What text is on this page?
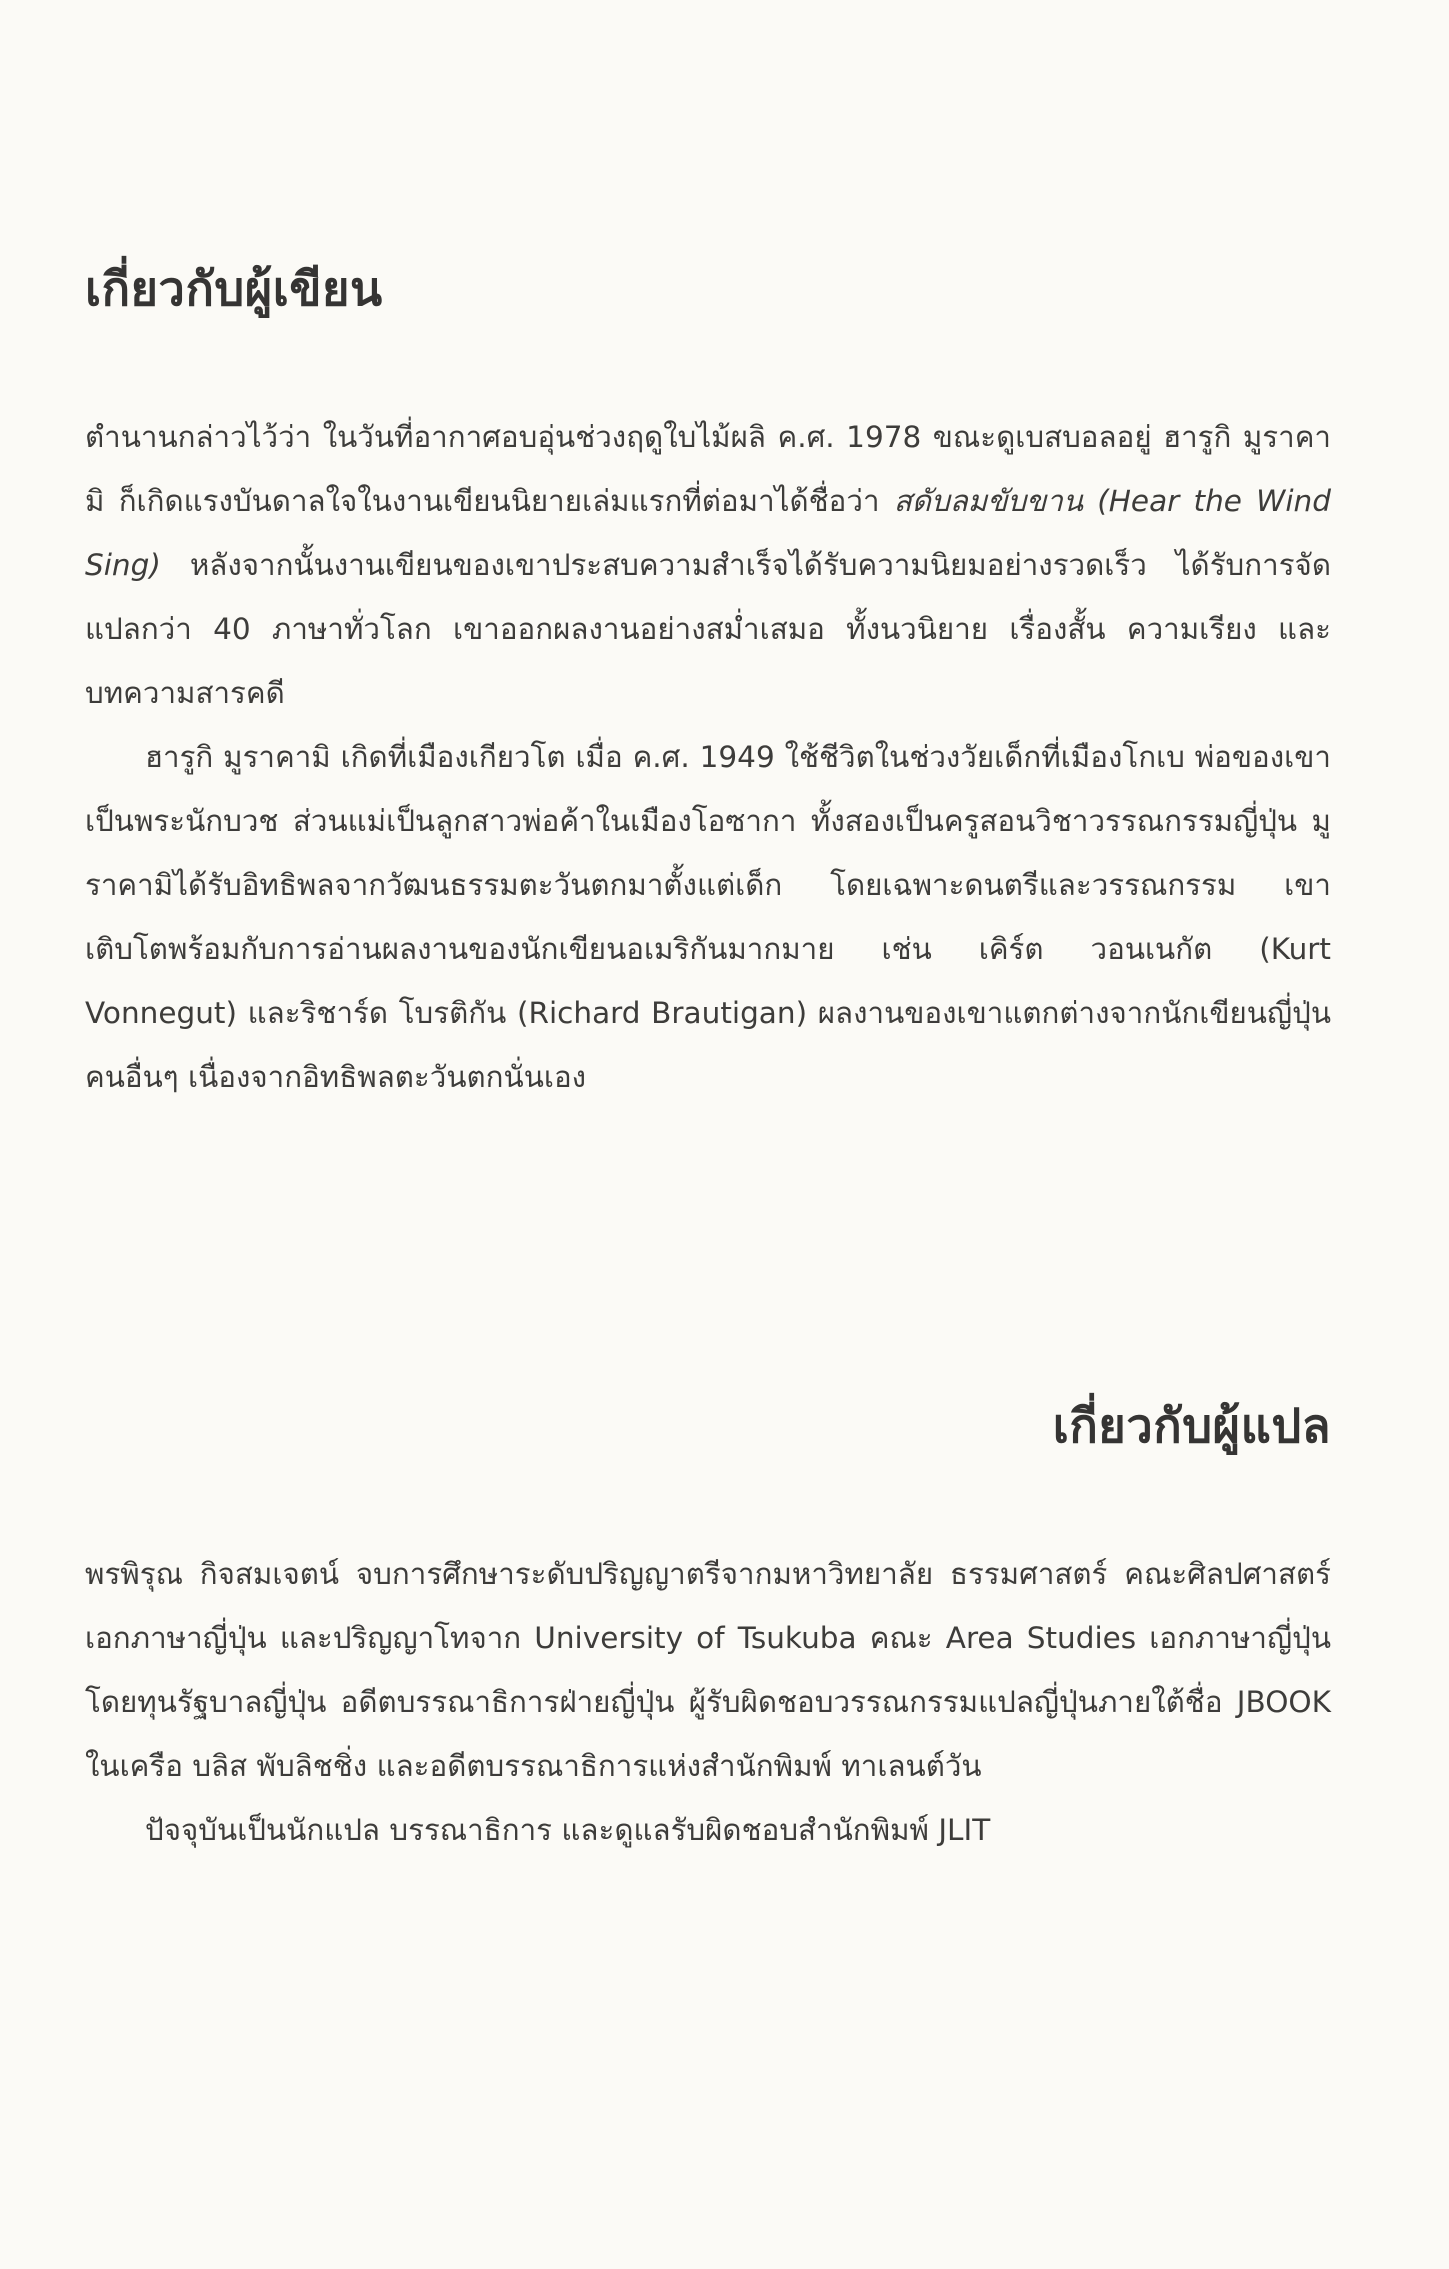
เกี่ยวกับผู้เขียน

ตำนานกล่าวไว้ว่า ในวันที่อากาศอบอุ่นช่วงฤดูใบไม้ผลิ ค.ศ. 1978 ขณะดูเบสบอลอยู่ ฮารูกิ มูราคามิ ก็เกิดแรงบันดาลใจในงานเขียนนิยายเล่มแรกที่ต่อมาได้ชื่อว่า สดับลมขับขาน (Hear the Wind Sing) หลังจากนั้นงานเขียนของเขาประสบความสำเร็จได้รับความนิยมอย่างรวดเร็ว ได้รับการจัดแปลกว่า 40 ภาษาทั่วโลก เขาออกผลงานอย่างสม่ำเสมอ ทั้งนวนิยาย เรื่องสั้น ความเรียง และบทความสารคดี

ฮารูกิ มูราคามิ เกิดที่เมืองเกียวโต เมื่อ ค.ศ. 1949 ใช้ชีวิตในช่วงวัยเด็กที่เมืองโกเบ พ่อของเขาเป็นพระนักบวช ส่วนแม่เป็นลูกสาวพ่อค้าในเมืองโอซากา ทั้งสองเป็นครูสอนวิชาวรรณกรรมญี่ปุ่น มูราคามิได้รับอิทธิพลจากวัฒนธรรมตะวันตกมาตั้งแต่เด็ก โดยเฉพาะดนตรีและวรรณกรรม เขาเติบโตพร้อมกับการอ่านผลงานของนักเขียนอเมริกันมากมาย เช่น เคิร์ต วอนเนกัต (Kurt Vonnegut) และริชาร์ด โบรติกัน (Richard Brautigan) ผลงานของเขาแตกต่างจากนักเขียนญี่ปุ่นคนอื่นๆ เนื่องจากอิทธิพลตะวันตกนั่นเอง

เกี่ยวกับผู้แปล

พรพิรุณ กิจสมเจตน์ จบการศึกษาระดับปริญญาตรีจากมหาวิทยาลัย ธรรมศาสตร์ คณะศิลปศาสตร์ เอกภาษาญี่ปุ่น และปริญญาโทจาก University of Tsukuba คณะ Area Studies เอกภาษาญี่ปุ่น โดยทุนรัฐบาลญี่ปุ่น อดีตบรรณาธิการฝ่ายญี่ปุ่น ผู้รับผิดชอบวรรณกรรมแปลญี่ปุ่นภายใต้ชื่อ JBOOK ในเครือ บลิส พับลิชชิ่ง และอดีตบรรณาธิการแห่งสำนักพิมพ์ ทาเลนต์วัน

ปัจจุบันเป็นนักแปล บรรณาธิการ และดูแลรับผิดชอบสำนักพิมพ์ JLIT
